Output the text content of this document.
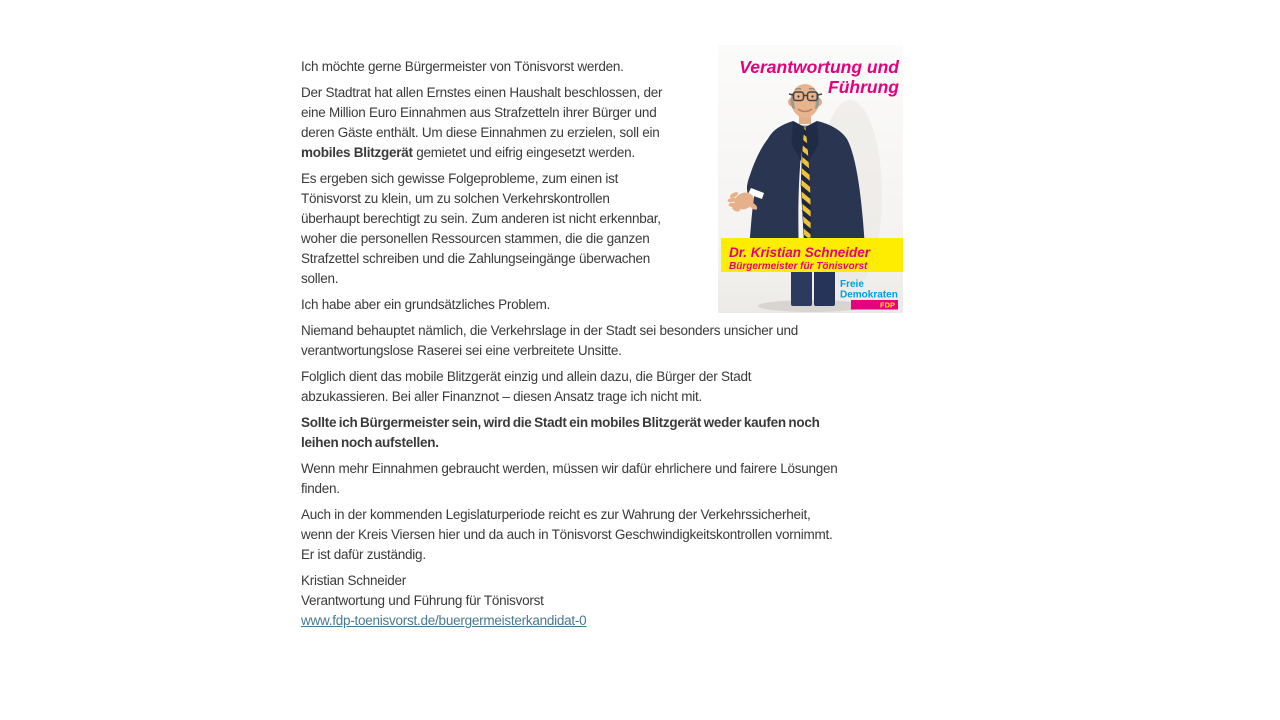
Verantwortung und
Führung
Dr. Kristian Schneider
Bürgermeister für Tönisvorst
Freie
Demokraten
FDP

Ich möchte gerne Bürgermeister von Tönisvorst werden.

Der Stadtrat hat allen Ernstes einen Haushalt beschlossen, der
eine Million Euro Einnahmen aus Strafzetteln ihrer Bürger und
deren Gäste enthält. Um diese Einnahmen zu erzielen, soll ein
mobiles Blitzgerät gemietet und eifrig eingesetzt werden.

Es ergeben sich gewisse Folgeprobleme, zum einen ist
Tönisvorst zu klein, um zu solchen Verkehrskontrollen
überhaupt berechtigt zu sein. Zum anderen ist nicht erkennbar,
woher die personellen Ressourcen stammen, die die ganzen
Strafzettel schreiben und die Zahlungseingänge überwachen
sollen.

Ich habe aber ein grundsätzliches Problem.

Niemand behauptet nämlich, die Verkehrslage in der Stadt sei besonders unsicher und
verantwortungslose Raserei sei eine verbreitete Unsitte.

Folglich dient das mobile Blitzgerät einzig und allein dazu, die Bürger der Stadt
abzukassieren. Bei aller Finanznot – diesen Ansatz trage ich nicht mit.

Sollte ich Bürgermeister sein, wird die Stadt ein mobiles Blitzgerät weder kaufen noch
leihen noch aufstellen.

Wenn mehr Einnahmen gebraucht werden, müssen wir dafür ehrlichere und fairere Lösungen
finden.

Auch in der kommenden Legislaturperiode reicht es zur Wahrung der Verkehrssicherheit,
wenn der Kreis Viersen hier und da auch in Tönisvorst Geschwindigkeitskontrollen vornimmt.
Er ist dafür zuständig.

Kristian Schneider
Verantwortung und Führung für Tönisvorst
www.fdp-toenisvorst.de/buergermeisterkandidat-0
